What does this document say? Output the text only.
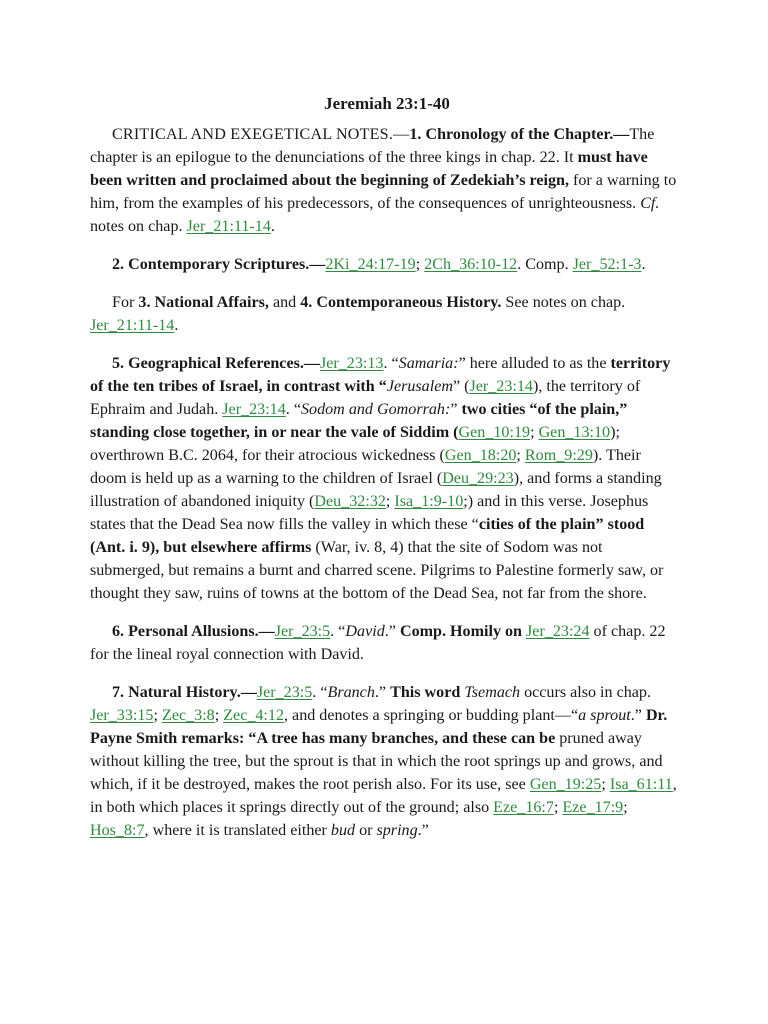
Jeremiah 23:1-40

CRITICAL AND EXEGETICAL NOTES.—1. Chronology of the Chapter.—The chapter is an epilogue to the denunciations of the three kings in chap. 22. It must have been written and proclaimed about the beginning of Zedekiah’s reign, for a warning to him, from the examples of his predecessors, of the consequences of unrighteousness. Cf. notes on chap. Jer_21:11-14.

2. Contemporary Scriptures.—2Ki_24:17-19; 2Ch_36:10-12. Comp. Jer_52:1-3.

For 3. National Affairs, and 4. Contemporaneous History. See notes on chap. Jer_21:11-14.

5. Geographical References.—Jer_23:13. “Samaria:” here alluded to as the territory of the ten tribes of Israel, in contrast with “Jerusalem” (Jer_23:14), the territory of Ephraim and Judah. Jer_23:14. “Sodom and Gomorrah:” two cities “of the plain,” standing close together, in or near the vale of Siddim (Gen_10:19; Gen_13:10); overthrown B.C. 2064, for their atrocious wickedness (Gen_18:20; Rom_9:29). Their doom is held up as a warning to the children of Israel (Deu_29:23), and forms a standing illustration of abandoned iniquity (Deu_32:32; Isa_1:9-10;) and in this verse. Josephus states that the Dead Sea now fills the valley in which these “cities of the plain” stood (Ant. i. 9), but elsewhere affirms (War, iv. 8, 4) that the site of Sodom was not submerged, but remains a burnt and charred scene. Pilgrims to Palestine formerly saw, or thought they saw, ruins of towns at the bottom of the Dead Sea, not far from the shore.

6. Personal Allusions.—Jer_23:5. “David.” Comp. Homily on Jer_23:24 of chap. 22 for the lineal royal connection with David.

7. Natural History.—Jer_23:5. “Branch.” This word Tsemach occurs also in chap. Jer_33:15; Zec_3:8; Zec_4:12, and denotes a springing or budding plant—“a sprout.” Dr. Payne Smith remarks: “A tree has many branches, and these can be pruned away without killing the tree, but the sprout is that in which the root springs up and grows, and which, if it be destroyed, makes the root perish also. For its use, see Gen_19:25; Isa_61:11, in both which places it springs directly out of the ground; also Eze_16:7; Eze_17:9; Hos_8:7, where it is translated either bud or spring.”
